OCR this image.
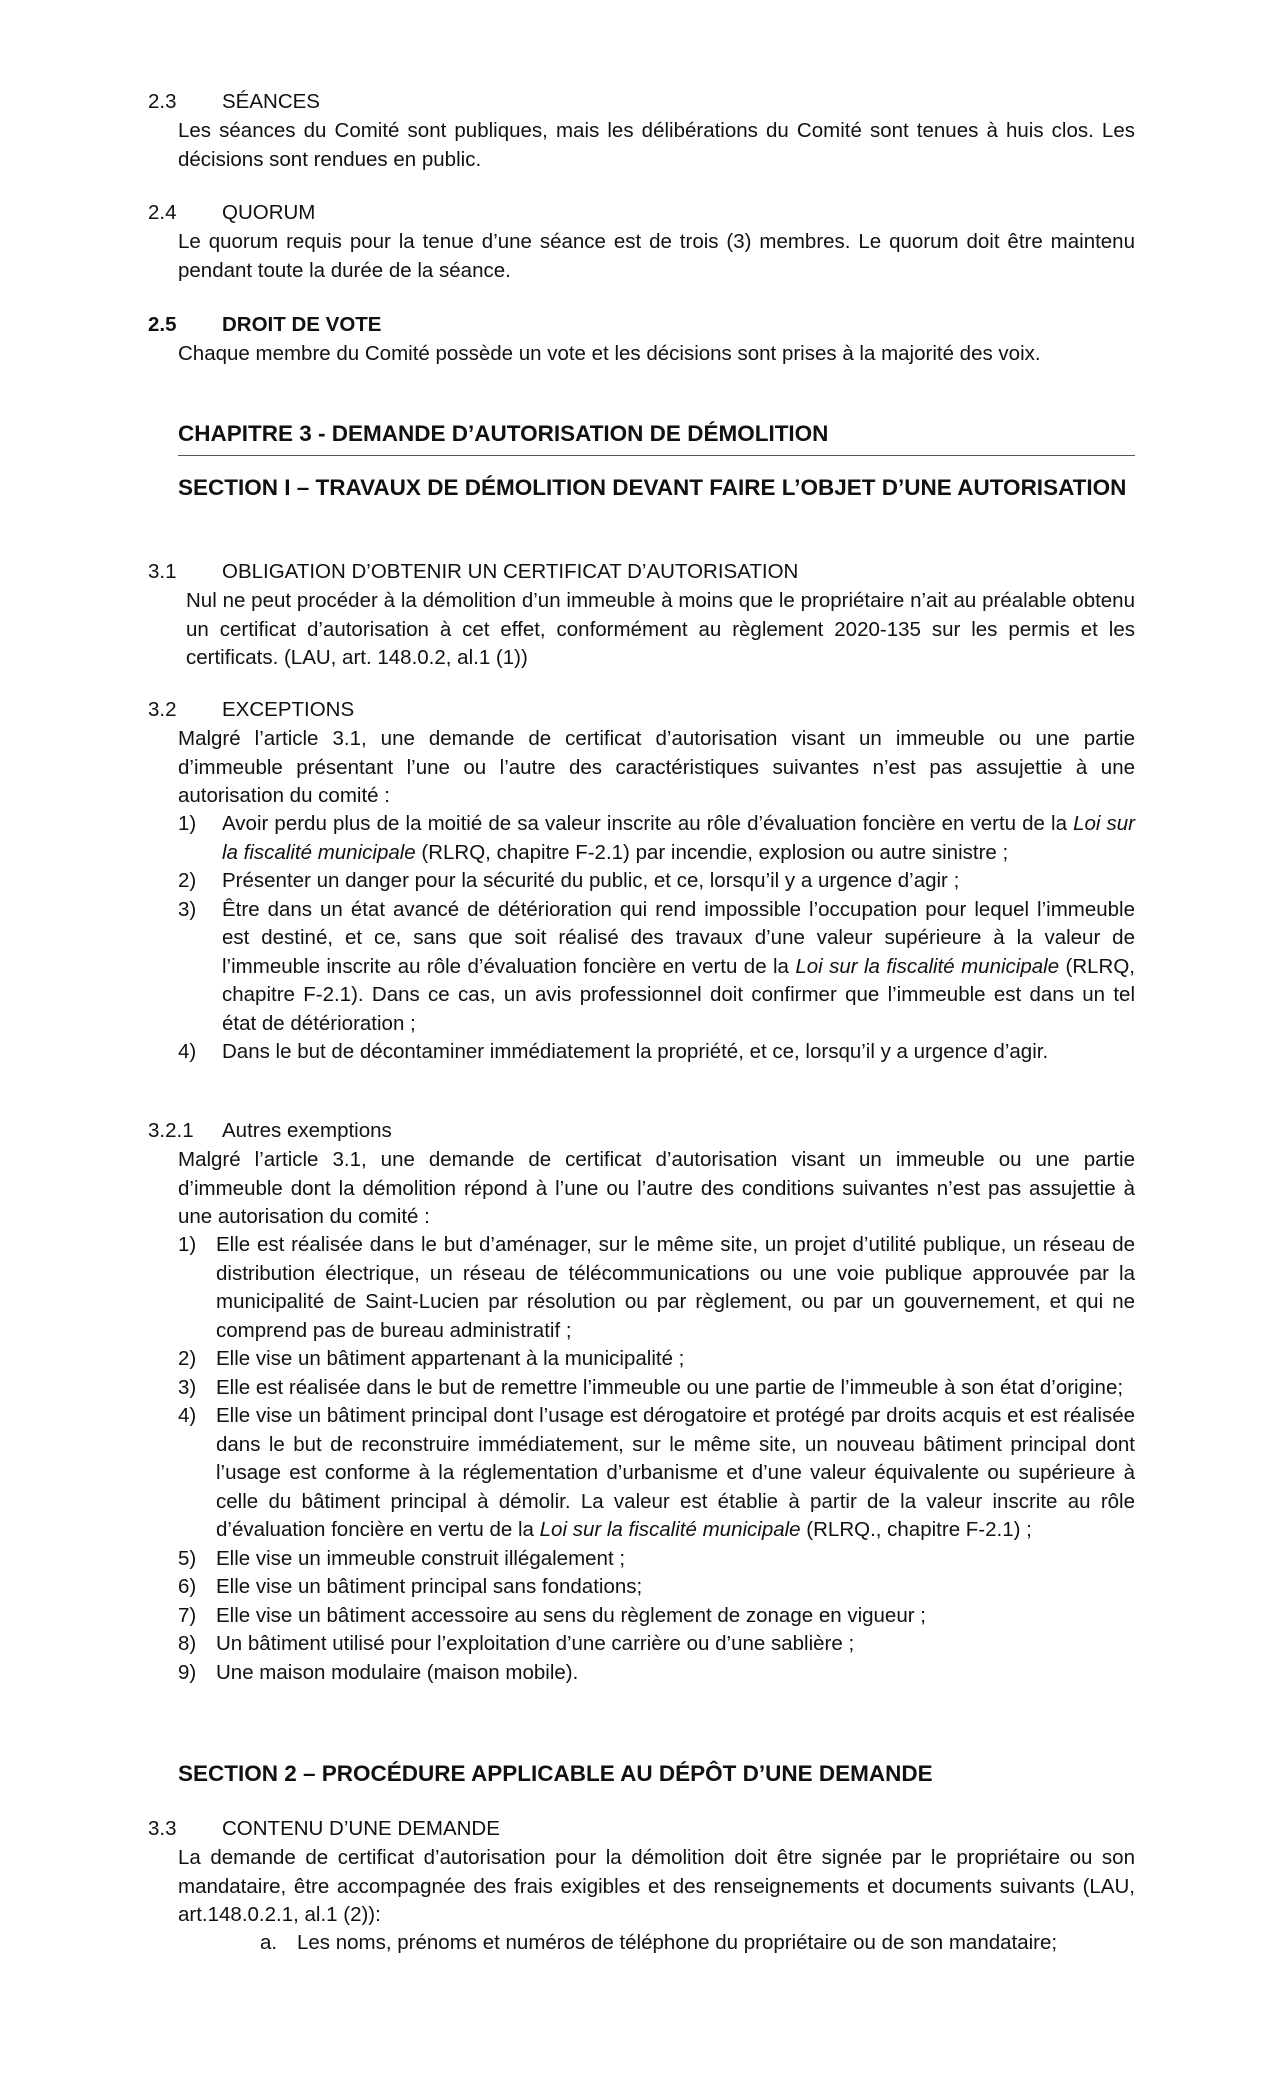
2.3 SÉANCES
Les séances du Comité sont publiques, mais les délibérations du Comité sont tenues à huis clos. Les décisions sont rendues en public.
2.4 QUORUM
Le quorum requis pour la tenue d’une séance est de trois (3) membres. Le quorum doit être maintenu pendant toute la durée de la séance.
2.5 DROIT DE VOTE
Chaque membre du Comité possède un vote et les décisions sont prises à la majorité des voix.
CHAPITRE 3 - DEMANDE D’AUTORISATION DE DÉMOLITION
SECTION I – TRAVAUX DE DÉMOLITION DEVANT FAIRE L’OBJET D’UNE AUTORISATION
3.1 OBLIGATION D’OBTENIR UN CERTIFICAT D’AUTORISATION
Nul ne peut procéder à la démolition d’un immeuble à moins que le propriétaire n’ait au préalable obtenu un certificat d’autorisation à cet effet, conformément au règlement 2020-135 sur les permis et les certificats. (LAU, art. 148.0.2, al.1 (1))
3.2 EXCEPTIONS
Malgré l’article 3.1, une demande de certificat d’autorisation visant un immeuble ou une partie d’immeuble présentant l’une ou l’autre des caractéristiques suivantes n’est pas assujettie à une autorisation du comité :
1) Avoir perdu plus de la moitié de sa valeur inscrite au rôle d’évaluation foncière en vertu de la Loi sur la fiscalité municipale (RLRQ, chapitre F-2.1) par incendie, explosion ou autre sinistre ;
2) Présenter un danger pour la sécurité du public, et ce, lorsqu’il y a urgence d’agir ;
3) Être dans un état avancé de détérioration qui rend impossible l’occupation pour lequel l’immeuble est destiné, et ce, sans que soit réalisé des travaux d’une valeur supérieure à la valeur de l’immeuble inscrite au rôle d’évaluation foncière en vertu de la Loi sur la fiscalité municipale (RLRQ, chapitre F-2.1). Dans ce cas, un avis professionnel doit confirmer que l’immeuble est dans un tel état de détérioration ;
4) Dans le but de décontaminer immédiatement la propriété, et ce, lorsqu’il y a urgence d’agir.
3.2.1 Autres exemptions
Malgré l’article 3.1, une demande de certificat d’autorisation visant un immeuble ou une partie d’immeuble dont la démolition répond à l’une ou l’autre des conditions suivantes n’est pas assujettie à une autorisation du comité :
1) Elle est réalisée dans le but d’aménager, sur le même site, un projet d’utilité publique, un réseau de distribution électrique, un réseau de télécommunications ou une voie publique approuvée par la municipalité de Saint-Lucien par résolution ou par règlement, ou par un gouvernement, et qui ne comprend pas de bureau administratif ;
2) Elle vise un bâtiment appartenant à la municipalité ;
3) Elle est réalisée dans le but de remettre l’immeuble ou une partie de l’immeuble à son état d’origine;
4) Elle vise un bâtiment principal dont l’usage est dérogatoire et protégé par droits acquis et est réalisée dans le but de reconstruire immédiatement, sur le même site, un nouveau bâtiment principal dont l’usage est conforme à la réglementation d’urbanisme et d’une valeur équivalente ou supérieure à celle du bâtiment principal à démolir. La valeur est établie à partir de la valeur inscrite au rôle d’évaluation foncière en vertu de la Loi sur la fiscalité municipale (RLRQ., chapitre F-2.1) ;
5) Elle vise un immeuble construit illégalement ;
6) Elle vise un bâtiment principal sans fondations;
7) Elle vise un bâtiment accessoire au sens du règlement de zonage en vigueur ;
8) Un bâtiment utilisé pour l’exploitation d’une carrière ou d’une sablière ;
9) Une maison modulaire (maison mobile).
SECTION 2 – PROCÉDURE APPLICABLE AU DÉPÔT D’UNE DEMANDE
3.3 CONTENU D’UNE DEMANDE
La demande de certificat d’autorisation pour la démolition doit être signée par le propriétaire ou son mandataire, être accompagnée des frais exigibles et des renseignements et documents suivants (LAU, art.148.0.2.1, al.1 (2)):
a. Les noms, prénoms et numéros de téléphone du propriétaire ou de son mandataire;
